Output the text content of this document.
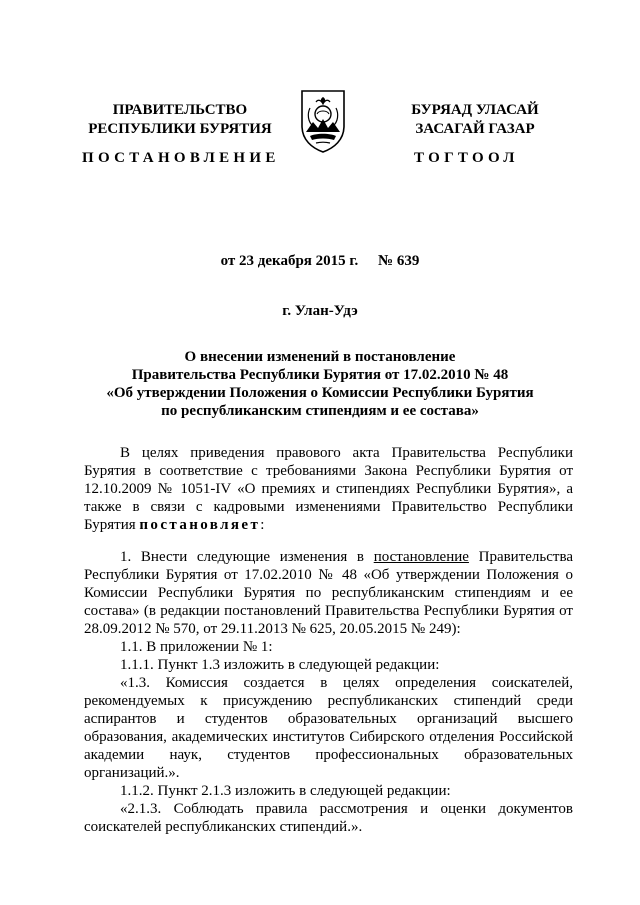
ПРАВИТЕЛЬСТВО
РЕСПУБЛИКИ БУРЯТИЯ
ПОСТАНОВЛЕНИЕ
БУРЯАД УЛАСАЙ
ЗАСАГАЙ ГАЗАР
ТОГТООЛ
от 23 декабря 2015 г. № 639
г. Улан-Удэ
О внесении изменений в постановление
Правительства Республики Бурятия от 17.02.2010 № 48
«Об утверждении Положения о Комиссии Республики Бурятия
по республиканским стипендиям и ее состава»

В целях приведения правового акта Правительства Республики Бурятия в соответствие с требованиями Закона Республики Бурятия от 12.10.2009 № 1051-IV «О премиях и стипендиях Республики Бурятия», а также в связи с кадровыми изменениями Правительство Республики Бурятия постановляет:

1. Внести следующие изменения в постановление Правительства Республики Бурятия от 17.02.2010 № 48 «Об утверждении Положения о Комиссии Республики Бурятия по республиканским стипендиям и ее состава» (в редакции постановлений Правительства Республики Бурятия от 28.09.2012 № 570, от 29.11.2013 № 625, 20.05.2015 № 249):

1.1. В приложении № 1:

1.1.1. Пункт 1.3 изложить в следующей редакции:

«1.3. Комиссия создается в целях определения соискателей, рекомендуемых к присуждению республиканских стипендий среди аспирантов и студентов образовательных организаций высшего образования, академических институтов Сибирского отделения Российской академии наук, студентов профессиональных образовательных организаций.».

1.1.2. Пункт 2.1.3 изложить в следующей редакции:

«2.1.3. Соблюдать правила рассмотрения и оценки документов соискателей республиканских стипендий.».
